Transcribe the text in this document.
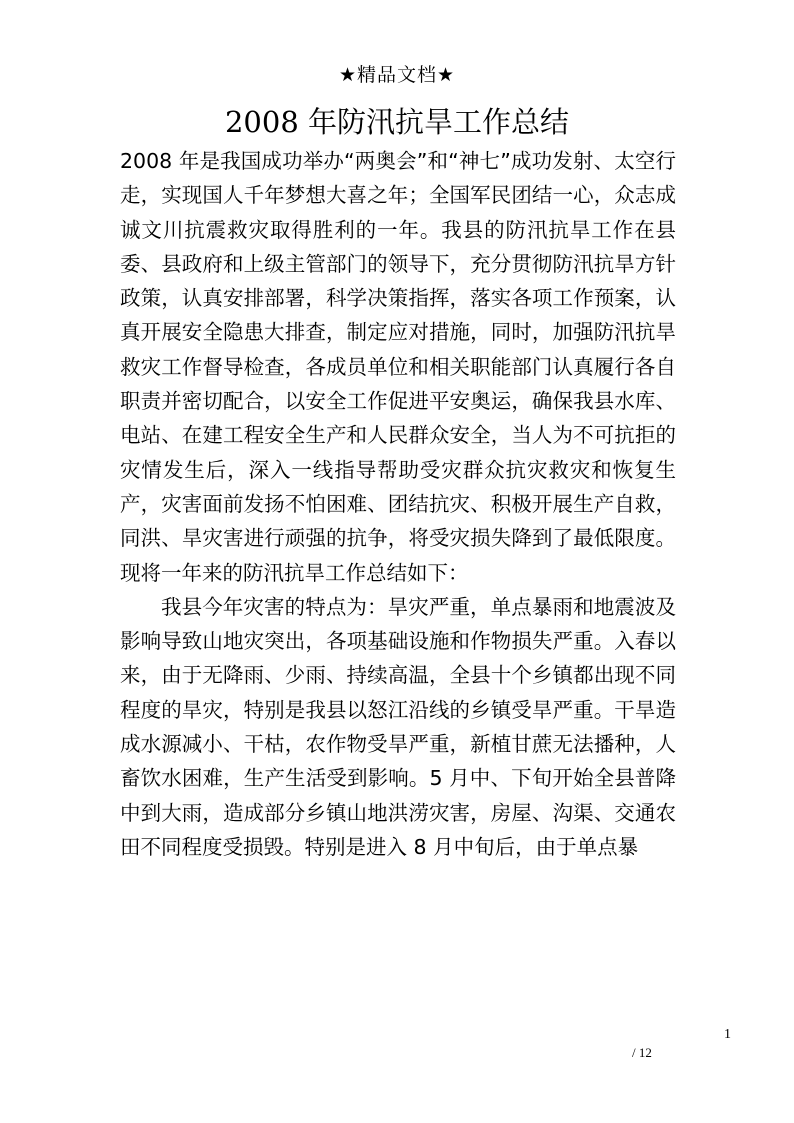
★精品文档★
2008 年防汛抗旱工作总结

2008 年是我国成功举办“两奥会”和“神七”成功发射、太空行走，实现国人千年梦想大喜之年；全国军民团结一心，众志成诚文川抗震救灾取得胜利的一年。我县的防汛抗旱工作在县委、县政府和上级主管部门的领导下，充分贯彻防汛抗旱方针政策，认真安排部署，科学决策指挥，落实各项工作预案，认真开展安全隐患大排查，制定应对措施，同时，加强防汛抗旱救灾工作督导检查，各成员单位和相关职能部门认真履行各自职责并密切配合，以安全工作促进平安奥运，确保我县水库、电站、在建工程安全生产和人民群众安全，当人为不可抗拒的灾情发生后，深入一线指导帮助受灾群众抗灾救灾和恢复生产，灾害面前发扬不怕困难、团结抗灾、积极开展生产自救，同洪、旱灾害进行顽强的抗争，将受灾损失降到了最低限度。现将一年来的防汛抗旱工作总结如下：

我县今年灾害的特点为：旱灾严重，单点暴雨和地震波及影响导致山地灾突出，各项基础设施和作物损失严重。入春以来，由于无降雨、少雨、持续高温，全县十个乡镇都出现不同程度的旱灾，特别是我县以怒江沿线的乡镇受旱严重。干旱造成水源减小、干枯，农作物受旱严重，新植甘蔗无法播种，人畜饮水困难，生产生活受到影响。5 月中、下旬开始全县普降中到大雨，造成部分乡镇山地洪涝灾害，房屋、沟渠、交通农田不同程度受损毁。特别是进入 8 月中旬后，由于单点暴

1
/ 12
